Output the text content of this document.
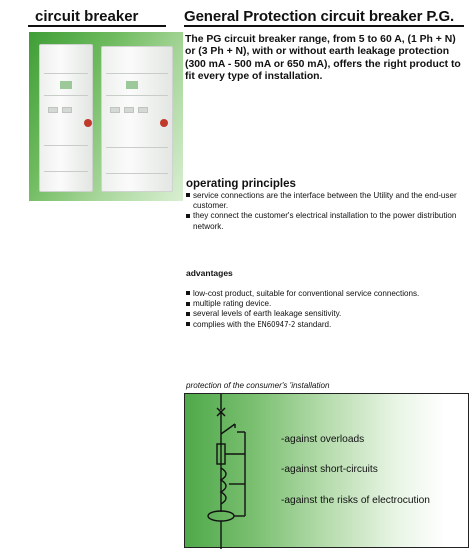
circuit breaker	General Protection circuit breaker P.G.

The PG circuit breaker range, from 5 to 60 A, (1 Ph + N) or (3 Ph + N), with or without earth leakage protection (300 mA - 500 mA or 650 mA), offers the right product to fit every type of installation.

operating principles
service connections are the interface between the Utility and the end-user customer.
they connect the customer's electrical installation to the power distribution network.
advantages
low-cost product, suitable for conventional service connections.
multiple rating device.
several levels of earth leakage sensitivity.
complies with the EN60947-2 standard.
protection of the consumer's 'installation
-against overloads
-against short-circuits
-against the risks of electrocution
